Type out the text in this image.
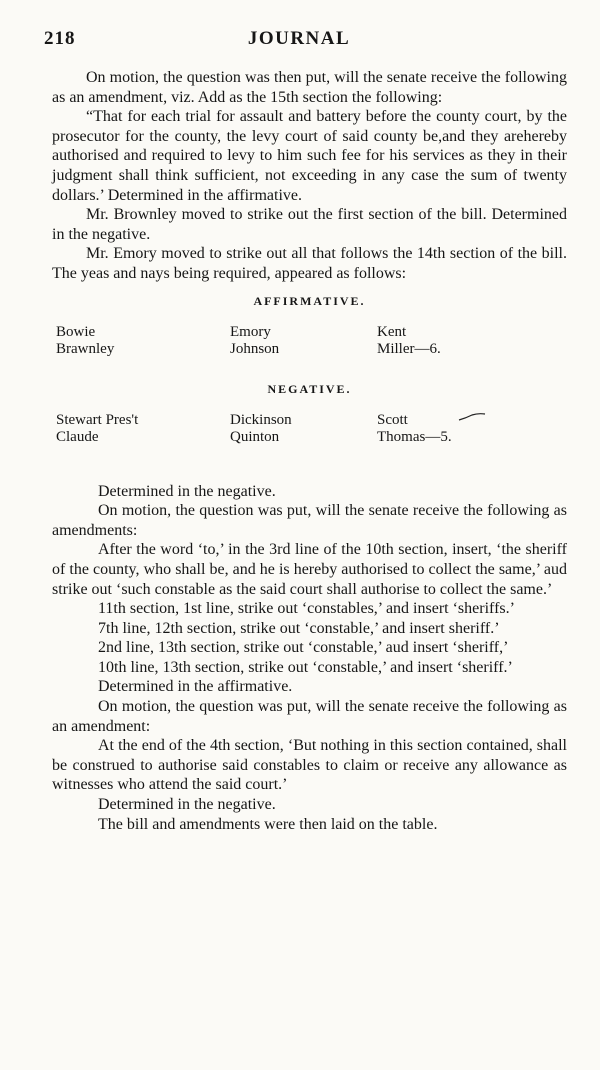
218	JOURNAL

On motion, the question was then put, will the senate receive the following as an amendment, viz. Add as the 15th section the following:

“That for each trial for assault and battery before the county court, by the prosecutor for the county, the levy court of said county be,and they arehereby authorised and required to levy to him such fee for his services as they in their judgment shall think sufficient, not exceeding in any case the sum of twenty dollars.’ Determined in the affirmative.

Mr. Brownley moved to strike out the first section of the bill. Determined in the negative.

Mr. Emory moved to strike out all that follows the 14th section of the bill. The yeas and nays being required, appeared as follows:

AFFIRMATIVE.
Bowie
Brawnley
Emory
Johnson
Kent
Miller—6.
NEGATIVE.
Stewart Pres't
Claude
Dickinson
Quinton
Scott
Thomas—5.

Determined in the negative.

On motion, the question was put, will the senate receive the following as amendments:

After the word ‘to,’ in the 3rd line of the 10th section, insert, ‘the sheriff of the county, who shall be, and he is hereby authorised to collect the same,’ aud strike out ‘such constable as the said court shall authorise to collect the same.’

11th section, 1st line, strike out ‘constables,’ and insert ‘sheriffs.’

7th line, 12th section, strike out ‘constable,’ and insert sheriff.’

2nd line, 13th section, strike out ‘constable,’ aud insert ‘sheriff,’

10th line, 13th section, strike out ‘constable,’ and insert ‘sheriff.’

Determined in the affirmative.

On motion, the question was put, will the senate receive the following as an amendment:

At the end of the 4th section, ‘But nothing in this section contained, shall be construed to authorise said constables to claim or receive any allowance as witnesses who attend the said court.’

Determined in the negative.

The bill and amendments were then laid on the table.
